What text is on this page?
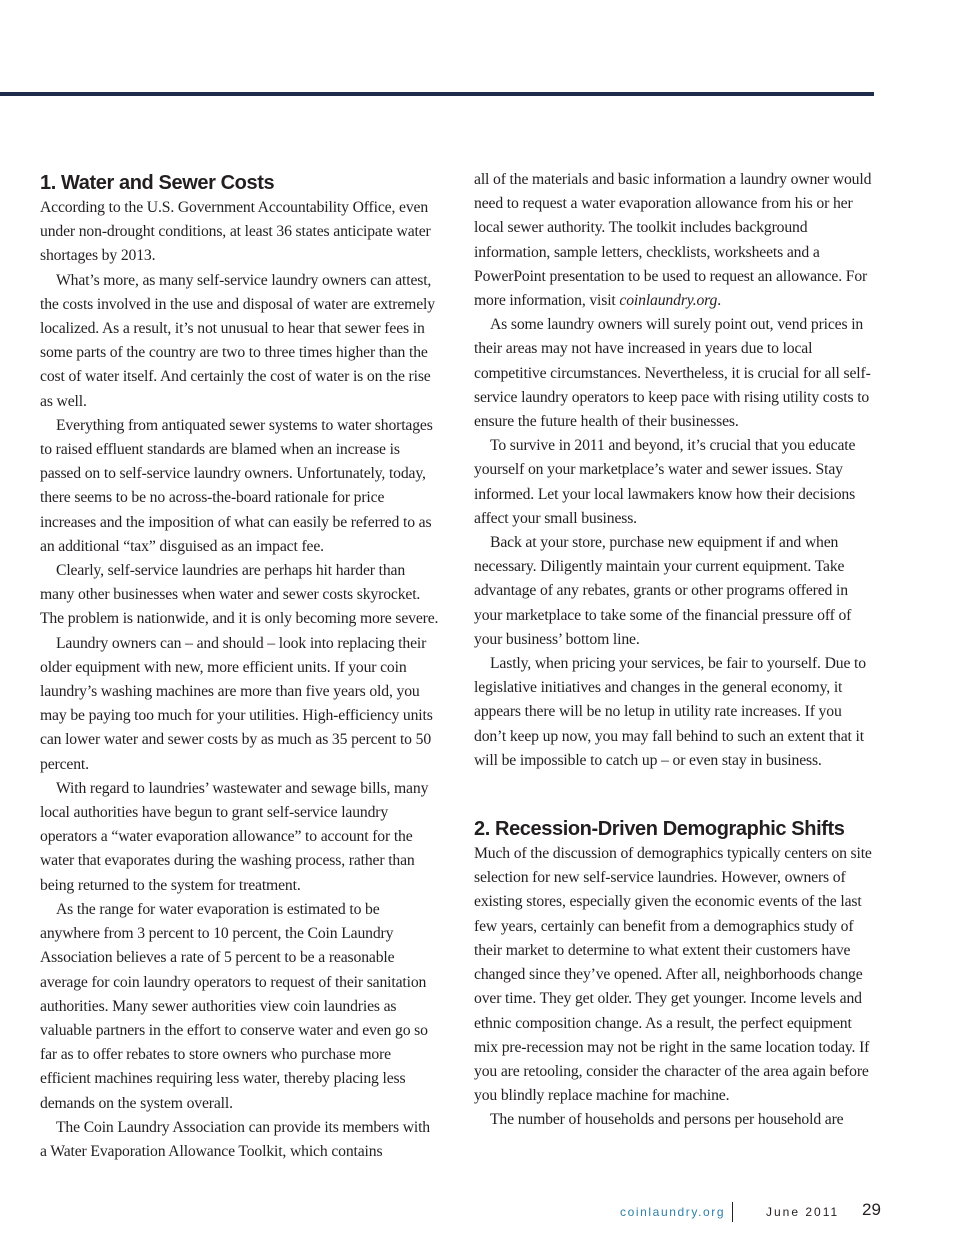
1. Water and Sewer Costs

According to the U.S. Government Accountability Office, even under non-drought conditions, at least 36 states anticipate water shortages by 2013.

What’s more, as many self-service laundry owners can attest, the costs involved in the use and disposal of water are extremely localized. As a result, it’s not unusual to hear that sewer fees in some parts of the country are two to three times higher than the cost of water itself. And certainly the cost of water is on the rise as well.

Everything from antiquated sewer systems to water shortages to raised effluent standards are blamed when an increase is passed on to self-service laundry owners. Unfortunately, today, there seems to be no across-the-board rationale for price increases and the imposition of what can easily be referred to as an additional “tax” disguised as an impact fee.

Clearly, self-service laundries are perhaps hit harder than many other businesses when water and sewer costs skyrocket. The problem is nationwide, and it is only becoming more severe.

Laundry owners can – and should – look into replacing their older equipment with new, more efficient units. If your coin laundry’s washing machines are more than five years old, you may be paying too much for your utilities. High-efficiency units can lower water and sewer costs by as much as 35 percent to 50 percent.

With regard to laundries’ wastewater and sewage bills, many local authorities have begun to grant self-service laundry operators a “water evaporation allowance” to account for the water that evaporates during the washing process, rather than being returned to the system for treatment.

As the range for water evaporation is estimated to be anywhere from 3 percent to 10 percent, the Coin Laundry Association believes a rate of 5 percent to be a reasonable average for coin laundry operators to request of their sanitation authorities. Many sewer authorities view coin laundries as valuable partners in the effort to conserve water and even go so far as to offer rebates to store owners who purchase more efficient machines requiring less water, thereby placing less demands on the system overall.

The Coin Laundry Association can provide its members with a Water Evaporation Allowance Toolkit, which contains

all of the materials and basic information a laundry owner would need to request a water evaporation allowance from his or her local sewer authority. The toolkit includes background information, sample letters, checklists, worksheets and a PowerPoint presentation to be used to request an allowance. For more information, visit coinlaundry.org.

As some laundry owners will surely point out, vend prices in their areas may not have increased in years due to local competitive circumstances. Nevertheless, it is crucial for all self-service laundry operators to keep pace with rising utility costs to ensure the future health of their businesses.

To survive in 2011 and beyond, it’s crucial that you educate yourself on your marketplace’s water and sewer issues. Stay informed. Let your local lawmakers know how their decisions affect your small business.

Back at your store, purchase new equipment if and when necessary. Diligently maintain your current equipment. Take advantage of any rebates, grants or other programs offered in your marketplace to take some of the financial pressure off of your business’ bottom line.

Lastly, when pricing your services, be fair to yourself. Due to legislative initiatives and changes in the general economy, it appears there will be no letup in utility rate increases. If you don’t keep up now, you may fall behind to such an extent that it will be impossible to catch up – or even stay in business.

2. Recession-Driven Demographic Shifts

Much of the discussion of demographics typically centers on site selection for new self-service laundries. However, owners of existing stores, especially given the economic events of the last few years, certainly can benefit from a demographics study of their market to determine to what extent their customers have changed since they’ve opened. After all, neighborhoods change over time. They get older. They get younger. Income levels and ethnic composition change. As a result, the perfect equipment mix pre-recession may not be right in the same location today. If you are retooling, consider the character of the area again before you blindly replace machine for machine.

The number of households and persons per household are

coinlaundry.org	June 2011 29
